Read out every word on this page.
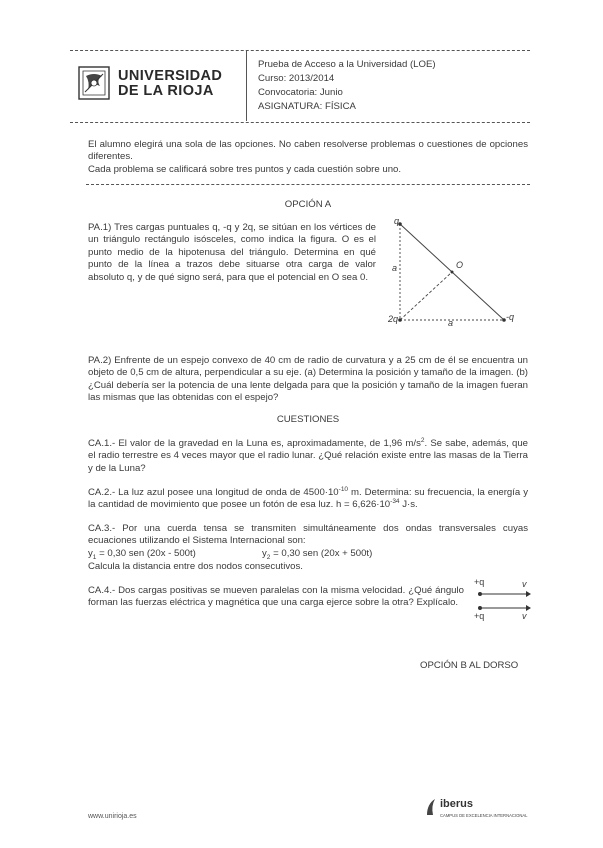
UNIVERSIDAD
DE LA RIOJA
Prueba de Acceso a la Universidad (LOE)
Curso: 2013/2014
Convocatoria: Junio
ASIGNATURA: FÍSICA
El alumno elegirá una sola de las opciones. No caben resolverse problemas o cuestiones de opciones diferentes.
Cada problema se calificará sobre tres puntos y cada cuestión sobre uno.
OPCIÓN A
PA.1) Tres cargas puntuales q, -q y 2q, se sitúan en los vértices de un triángulo rectángulo isósceles, como indica la figura. O es el punto medio de la hipotenusa del triángulo. Determina en qué punto de la línea a trazos debe situarse otra carga de valor absoluto q, y de qué signo será, para que el potencial en O sea 0.
q
a	O
2q	a
-q
PA.2) Enfrente de un espejo convexo de 40 cm de radio de curvatura y a 25 cm de él se encuentra un objeto de 0,5 cm de altura, perpendicular a su eje. (a) Determina la posición y tamaño de la imagen. (b) ¿Cuál debería ser la potencia de una lente delgada para que la posición y tamaño de la imagen fueran las mismas que las obtenidas con el espejo?
CUESTIONES
CA.1.- El valor de la gravedad en la Luna es, aproximadamente, de 1,96 $m/s^2$. Se sabe, además, que el radio terrestre es 4 veces mayor que el radio lunar. ¿Qué relación existe entre las masas de la Tierra y de la Luna?
CA.2.- La luz azul posee una longitud de onda de $4500\cdot 10^{-10}$ m. Determina: su frecuencia, la energía y la cantidad de movimiento que posee un fotón de esa luz. $h = 6,626\cdot 10^{-34}$ J·s.
CA.3.- Por una cuerda tensa se transmiten simultáneamente dos ondas transversales cuyas ecuaciones utilizando el Sistema Internacional son:
$y_1 = 0,30$ sen (20x - 500t)	$y_2 = 0,30$ sen (20x + 500t)
Calcula la distancia entre dos nodos consecutivos.
CA.4.- Dos cargas positivas se mueven paralelas con la misma velocidad. ¿Qué ángulo forman las fuerzas eléctrica y magnética que una carga ejerce sobre la otra? Explícalo.
+q	v
+q	v
OPCIÓN B AL DORSO
www.unirioja.es
iberus
CAMPUS DE EXCELENCIA INTERNACIONAL
